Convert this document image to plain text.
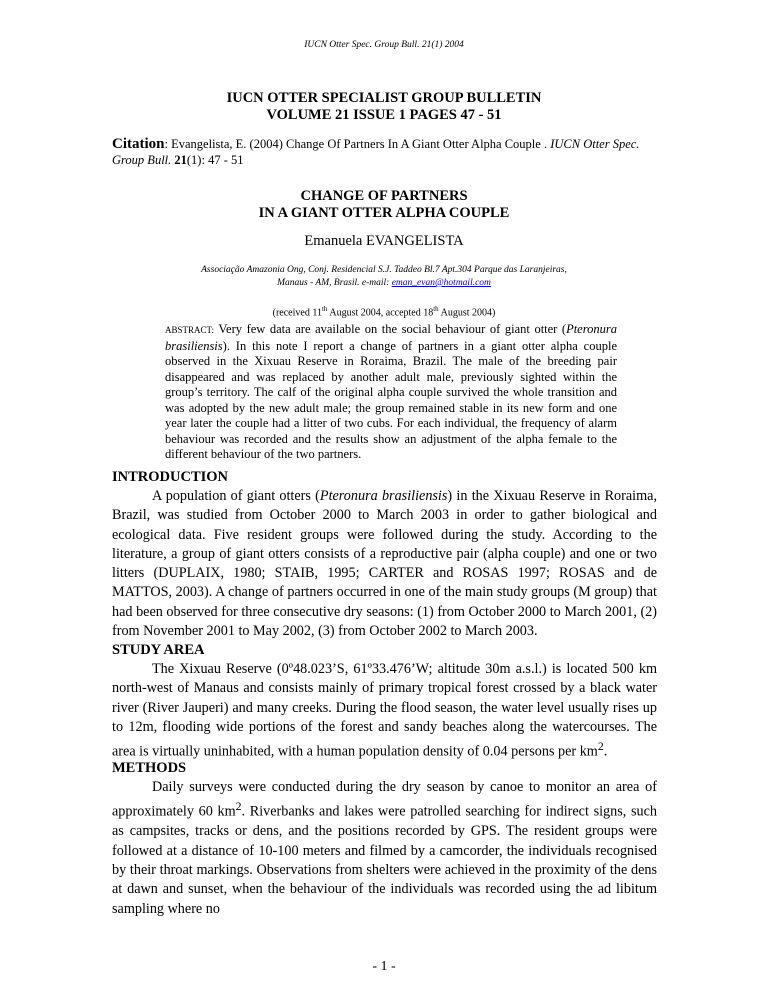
IUCN Otter Spec. Group Bull. 21(1) 2004
IUCN OTTER SPECIALIST GROUP BULLETIN
VOLUME 21 ISSUE 1 PAGES 47 - 51
Citation: Evangelista, E. (2004) Change Of Partners In A Giant Otter Alpha Couple . IUCN Otter Spec. Group Bull. 21(1): 47 - 51
CHANGE OF PARTNERS
IN A GIANT OTTER ALPHA COUPLE
Emanuela EVANGELISTA
Associação Amazonia Ong, Conj. Residencial S.J. Taddeo Bl.7 Apt.304 Parque das Laranjeiras,
Manaus - AM, Brasil. e-mail: eman_evan@hotmail.com
(received 11th August 2004, accepted 18th August 2004)
ABSTRACT: Very few data are available on the social behaviour of giant otter (Pteronura brasiliensis). In this note I report a change of partners in a giant otter alpha couple observed in the Xixuau Reserve in Roraima, Brazil. The male of the breeding pair disappeared and was replaced by another adult male, previously sighted within the group’s territory. The calf of the original alpha couple survived the whole transition and was adopted by the new adult male; the group remained stable in its new form and one year later the couple had a litter of two cubs. For each individual, the frequency of alarm behaviour was recorded and the results show an adjustment of the alpha female to the different behaviour of the two partners.
INTRODUCTION

A population of giant otters (Pteronura brasiliensis) in the Xixuau Reserve in Roraima, Brazil, was studied from October 2000 to March 2003 in order to gather biological and ecological data. Five resident groups were followed during the study. According to the literature, a group of giant otters consists of a reproductive pair (alpha couple) and one or two litters (DUPLAIX, 1980; STAIB, 1995; CARTER and ROSAS 1997; ROSAS and de MATTOS, 2003). A change of partners occurred in one of the main study groups (M group) that had been observed for three consecutive dry seasons: (1) from October 2000 to March 2001, (2) from November 2001 to May 2002, (3) from October 2002 to March 2003.

STUDY AREA

The Xixuau Reserve (0º48.023’S, 61º33.476’W; altitude 30m a.s.l.) is located 500 km north-west of Manaus and consists mainly of primary tropical forest crossed by a black water river (River Jauperi) and many creeks. During the flood season, the water level usually rises up to 12m, flooding wide portions of the forest and sandy beaches along the watercourses. The area is virtually uninhabited, with a human population density of 0.04 persons per $km^2$.

METHODS

Daily surveys were conducted during the dry season by canoe to monitor an area of approximately 60 $km^2$. Riverbanks and lakes were patrolled searching for indirect signs, such as campsites, tracks or dens, and the positions recorded by GPS. The resident groups were followed at a distance of 10-100 meters and filmed by a camcorder, the individuals recognised by their throat markings. Observations from shelters were achieved in the proximity of the dens at dawn and sunset, when the behaviour of the individuals was recorded using the ad libitum sampling where no

- 1 -
